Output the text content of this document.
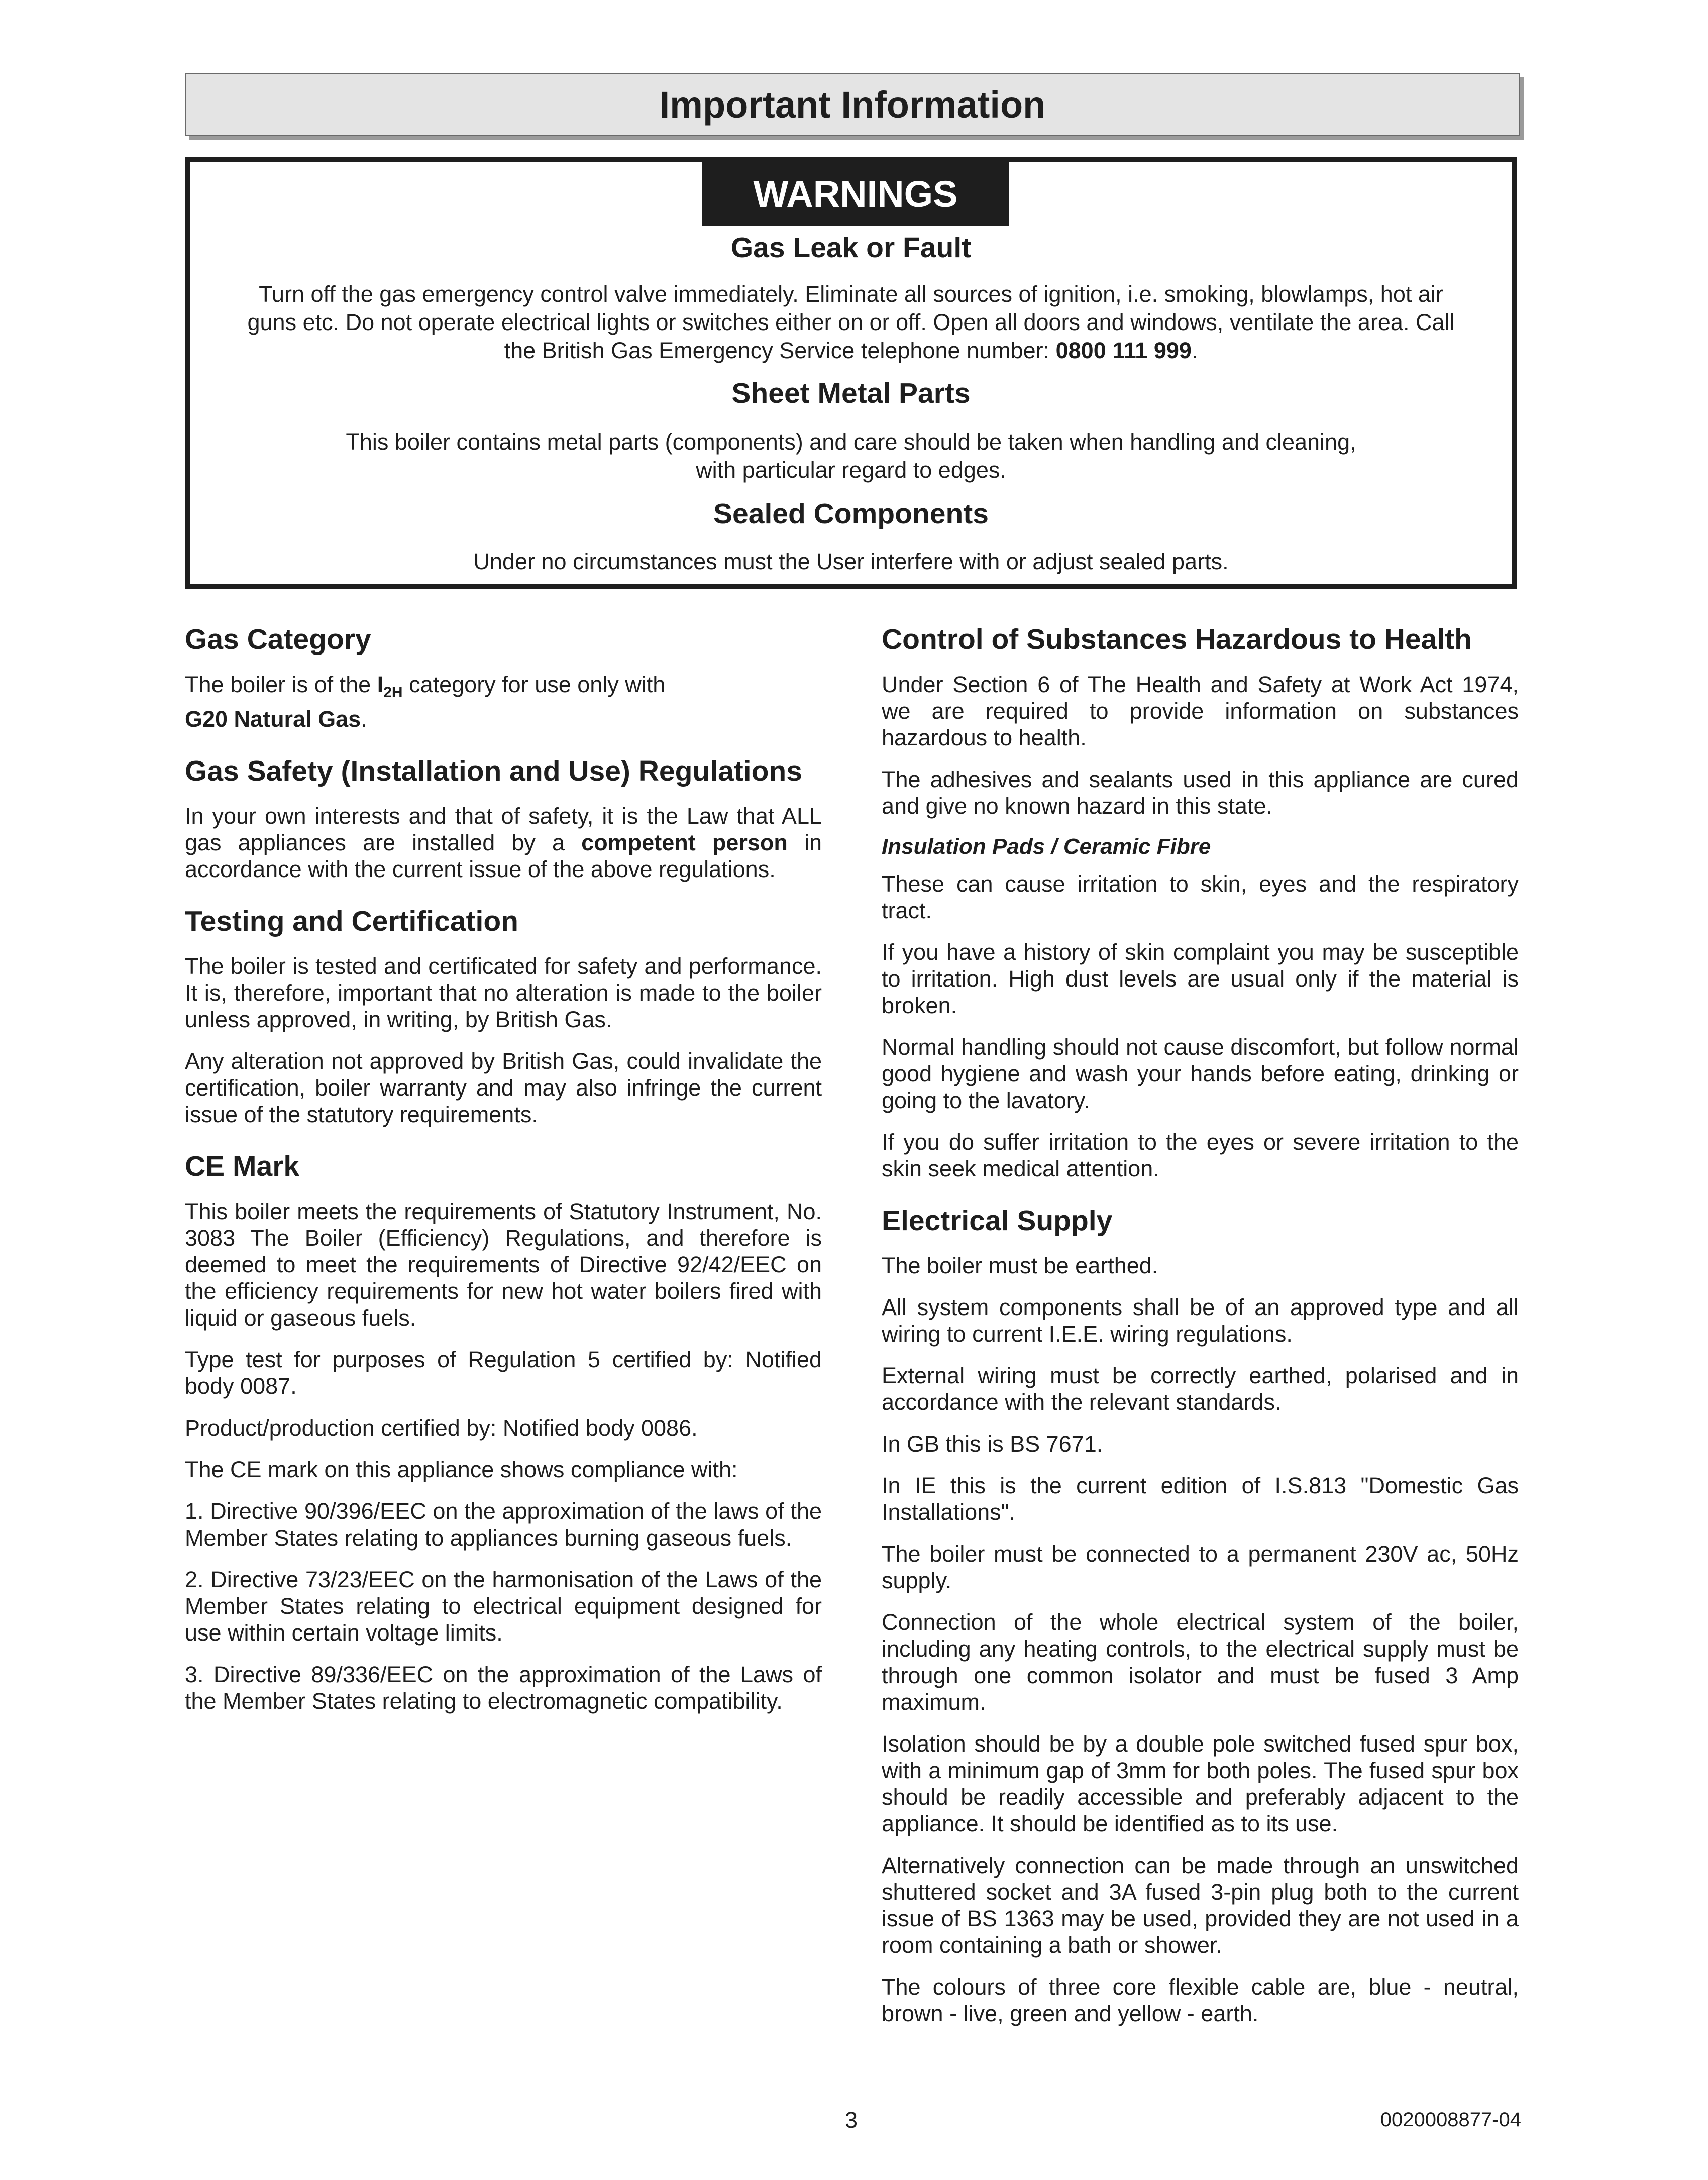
Important Information
WARNINGS
Gas Leak or Fault
Turn off the gas emergency control valve immediately. Eliminate all sources of ignition, i.e. smoking, blowlamps, hot air
guns etc. Do not operate electrical lights or switches either on or off. Open all doors and windows, ventilate the area. Call
the British Gas Emergency Service telephone number: 0800 111 999.
Sheet Metal Parts
This boiler contains metal parts (components) and care should be taken when handling and cleaning,
with particular regard to edges.
Sealed Components
Under no circumstances must the User interfere with or adjust sealed parts.
Gas Category

The boiler is of the $I_{2H}$ category for use only with
G20 Natural Gas.

Gas Safety (Installation and Use) Regulations

In your own interests and that of safety, it is the Law that ALL gas appliances are installed by a competent person in accordance with the current issue of the above regulations.

Testing and Certification

The boiler is tested and certificated for safety and performance. It is, therefore, important that no alteration is made to the boiler unless approved, in writing, by British Gas.

Any alteration not approved by British Gas, could invalidate the certification, boiler warranty and may also infringe the current issue of the statutory requirements.

CE Mark

This boiler meets the requirements of Statutory Instrument, No. 3083 The Boiler (Efficiency) Regulations, and therefore is deemed to meet the requirements of Directive 92/42/EEC on the efficiency requirements for new hot water boilers fired with liquid or gaseous fuels.

Type test for purposes of Regulation 5 certified by: Notified body 0087.

Product/production certified by: Notified body 0086.

The CE mark on this appliance shows compliance with:

1. Directive 90/396/EEC on the approximation of the laws of the Member States relating to appliances burning gaseous fuels.

2. Directive 73/23/EEC on the harmonisation of the Laws of the Member States relating to electrical equipment designed for use within certain voltage limits.

3. Directive 89/336/EEC on the approximation of the Laws of the Member States relating to electromagnetic compatibility.

Control of Substances Hazardous to Health

Under Section 6 of The Health and Safety at Work Act 1974, we are required to provide information on substances hazardous to health.

The adhesives and sealants used in this appliance are cured and give no known hazard in this state.

Insulation Pads / Ceramic Fibre

These can cause irritation to skin, eyes and the respiratory tract.

If you have a history of skin complaint you may be susceptible to irritation. High dust levels are usual only if the material is broken.

Normal handling should not cause discomfort, but follow normal good hygiene and wash your hands before eating, drinking or going to the lavatory.

If you do suffer irritation to the eyes or severe irritation to the skin seek medical attention.

Electrical Supply

The boiler must be earthed.

All system components shall be of an approved type and all wiring to current I.E.E. wiring regulations.

External wiring must be correctly earthed, polarised and in accordance with the relevant standards.

In GB this is BS 7671.

In IE this is the current edition of I.S.813 "Domestic Gas Installations".

The boiler must be connected to a permanent 230V ac, 50Hz supply.

Connection of the whole electrical system of the boiler, including any heating controls, to the electrical supply must be through one common isolator and must be fused 3 Amp maximum.

Isolation should be by a double pole switched fused spur box, with a minimum gap of 3mm for both poles. The fused spur box should be readily accessible and preferably adjacent to the appliance. It should be identified as to its use.

Alternatively connection can be made through an unswitched shuttered socket and 3A fused 3-pin plug both to the current issue of BS 1363 may be used, provided they are not used in a room containing a bath or shower.

The colours of three core flexible cable are, blue - neutral, brown - live, green and yellow - earth.

3	0020008877-04
